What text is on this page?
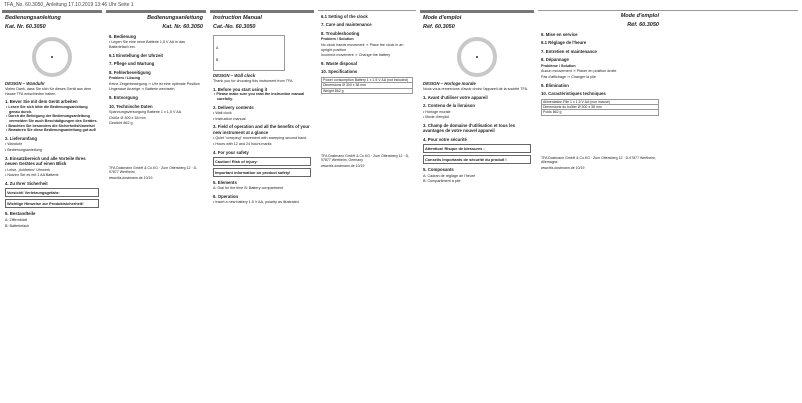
TFA_No. 60.3050_Anleitung 17.10.2019 13:46 Uhr Seite 1
Bedienungsanleitung
Kat. Nr. 60.3050
DESIGN – Wanduhr
Vielen Dank, dass Sie sich für dieses Gerät aus dem Hause TFA entschieden haben.
1. Bevor Sie mit dem Gerät arbeiten
• Lesen Sie sich bitte die Bedienungsanleitung genau durch.
• Durch die Befolgung der Bedienungsanleitung vermeiden Sie auch Beschädigungen des Gerätes.
• Beachten Sie besonders die Sicherheitshinweise!
• Bewahren Sie diese Bedienungsanleitung gut auf!
2. Lieferumfang
• Wanduhr
• Bedienungsanleitung
3. Einsatzbereich und alle Vorteile Ihres neuen Gerätes auf einen Blick
• Leise, „tickfreies“ Uhrwerk
• Nutzen Sie es mit 1 AA Batterie
4. Zu Ihrer Sicherheit
Vorsicht! Verletzungsgefahr:
Wichtige Hinweise zur Produktsicherheit!
5. Bestandteile
A: Ziffernblatt
B: Batteriefach
Bedienungsanleitung
Kat. Nr. 60.3050
6. Bedienung
• Legen Sie eine neue Batterie 1,5 V AA in das Batteriefach ein.
6.1 Einstellung der Uhrzeit
7. Pflege und Wartung
8. Fehlerbeseitigung
Problem / Lösung
Keine Zeigerbewegung ⇒ Uhr ist eine optimale Position
Ungenaue Anzeige ⇒ Batterie wechseln
9. Entsorgung
10. Technische Daten
Spannungsversorgung Batterie 1 x 1,5 V AA
Größe Ø 300 x 38 mm
Gewicht 862 g
TFA Dostmann GmbH & Co.KG · Zum Ottersberg 12 · D-97877 Wertheim
www.tfa-dostmann.de 10/19
Instruction Manual
Cat.-No. 60.3050
A
B
DESIGN – Wall clock
Thank you for choosing this instrument from TFA.
1. Before you start using it
• Please make sure you read the instruction manual carefully.
2. Delivery contents
• Wall clock
• Instruction manual
3. Field of operation and all the benefits of your new instrument at a glance
• Quiet “creeping” movement with sweeping second hand
• Hours with 12 and 24 hours marks
4. For your safety
Caution! Risk of injury:
Important information on product safety!
5. Elements
A: Dial for the time B: Battery compartment
6. Operation
• Insert a new battery 1.5 V AA, polarity as illustrated.
6.1 Setting of the clock
7. Care and maintenance
8. Troubleshooting
Problem / Solution
No clock hands movement ⇒ Place the clock in an upright position
Incorrect movement ⇒ Change the battery
9. Waste disposal
10. Specifications
Power consumption Battery 1 x 1.5 V AA (not included)
Dimensions Ø 300 x 38 mm
Weight 862 g
TFA Dostmann GmbH & Co.KG · Zum Ottersberg 12 · D-97877 Wertheim, Germany
www.tfa-dostmann.de 10/19
Mode d'emploi
Réf. 60.3050
DESIGN – Horloge murale
Nous vous remercions d'avoir choisi l'appareil de la société TFA.
1. Avant d'utiliser votre appareil
2. Contenu de la livraison
• Horloge murale
• Mode d'emploi
3. Champ de domaine d'utilisation et tous les avantages de votre nouvel appareil
4. Pour votre sécurité
Attention! Risque de blessures :
Conseils importants de sécurité du produit !
5. Composants
A: Cadran de réglage de l'heure
B: Compartiment à pile
Mode d'emploi
Réf. 60.3050
6. Mise en service
6.1 Réglage de l'heure
7. Entretien et maintenance
8. Dépannage
Problème / Solution
Aucun mouvement ⇒ Placer en position droite
Pas d'affichage ⇒ Changer la pile
9. Élimination
10. Caractéristiques techniques
Alimentation Pile 1 x 1,5 V AA (non incluse)
Dimensions du boîtier Ø 300 x 38 mm
Poids 862 g
TFA Dostmann GmbH & Co.KG · Zum Ottersberg 12 · D-97877 Wertheim, Allemagne
www.tfa-dostmann.de 10/19
